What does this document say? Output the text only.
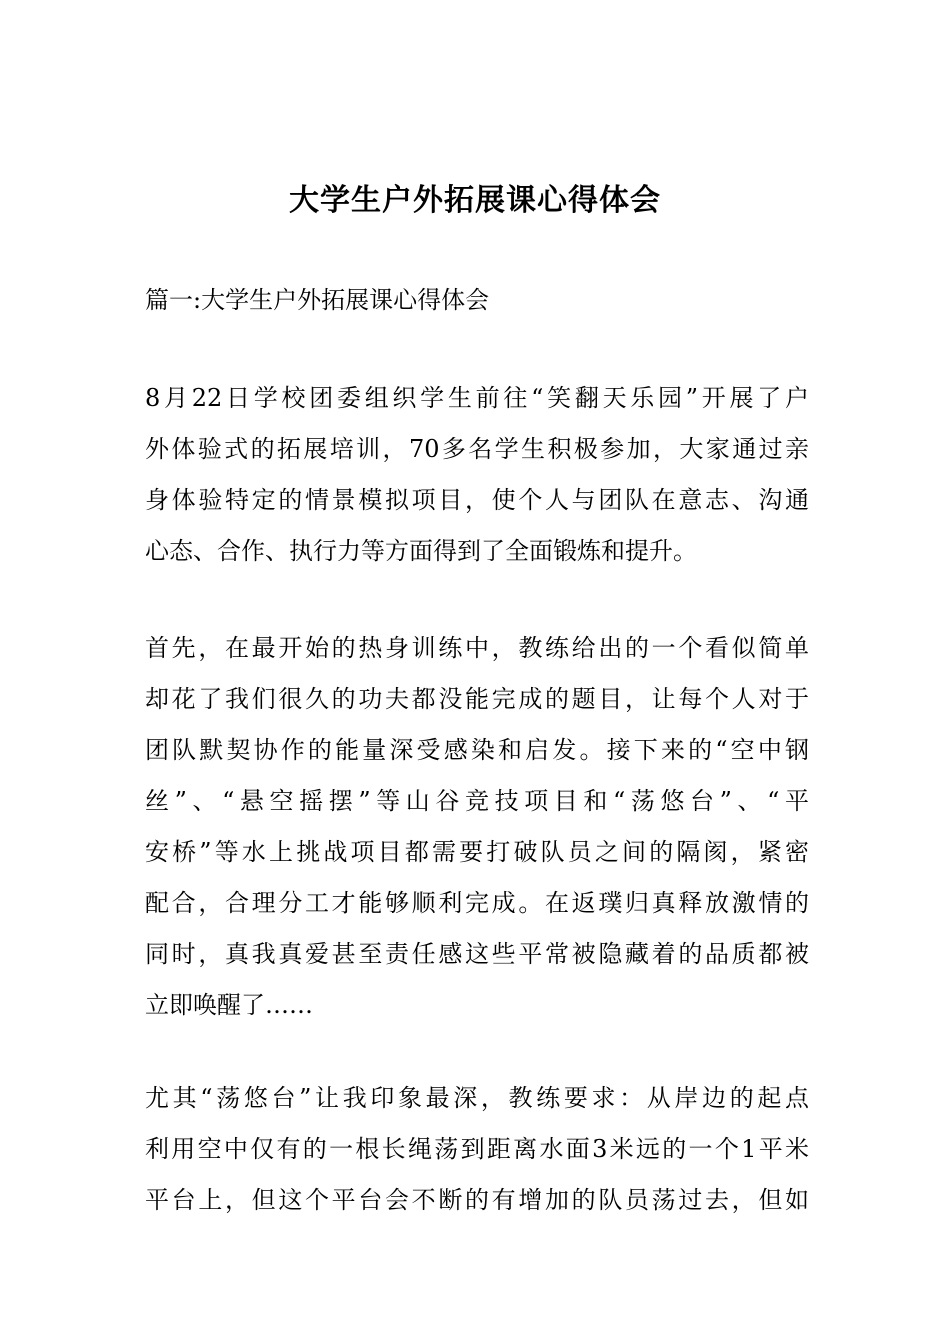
大学生户外拓展课心得体会
篇一:大学生户外拓展课心得体会
8月22日学校团委组织学生前往“笑翻天乐园”开展了户
外体验式的拓展培训，70多名学生积极参加，大家通过亲
身体验特定的情景模拟项目，使个人与团队在意志、沟通
心态、合作、执行力等方面得到了全面锻炼和提升。
首先，在最开始的热身训练中，教练给出的一个看似简单
却花了我们很久的功夫都没能完成的题目，让每个人对于
团队默契协作的能量深受感染和启发。接下来的“空中钢
丝”、“悬空摇摆”等山谷竞技项目和“荡悠台”、“平
安桥”等水上挑战项目都需要打破队员之间的隔阂，紧密
配合，合理分工才能够顺利完成。在返璞归真释放激情的
同时，真我真爱甚至责任感这些平常被隐藏着的品质都被
立即唤醒了……
尤其“荡悠台”让我印象最深，教练要求：从岸边的起点
利用空中仅有的一根长绳荡到距离水面3米远的一个1平米
平台上，但这个平台会不断的有增加的队员荡过去，但如
